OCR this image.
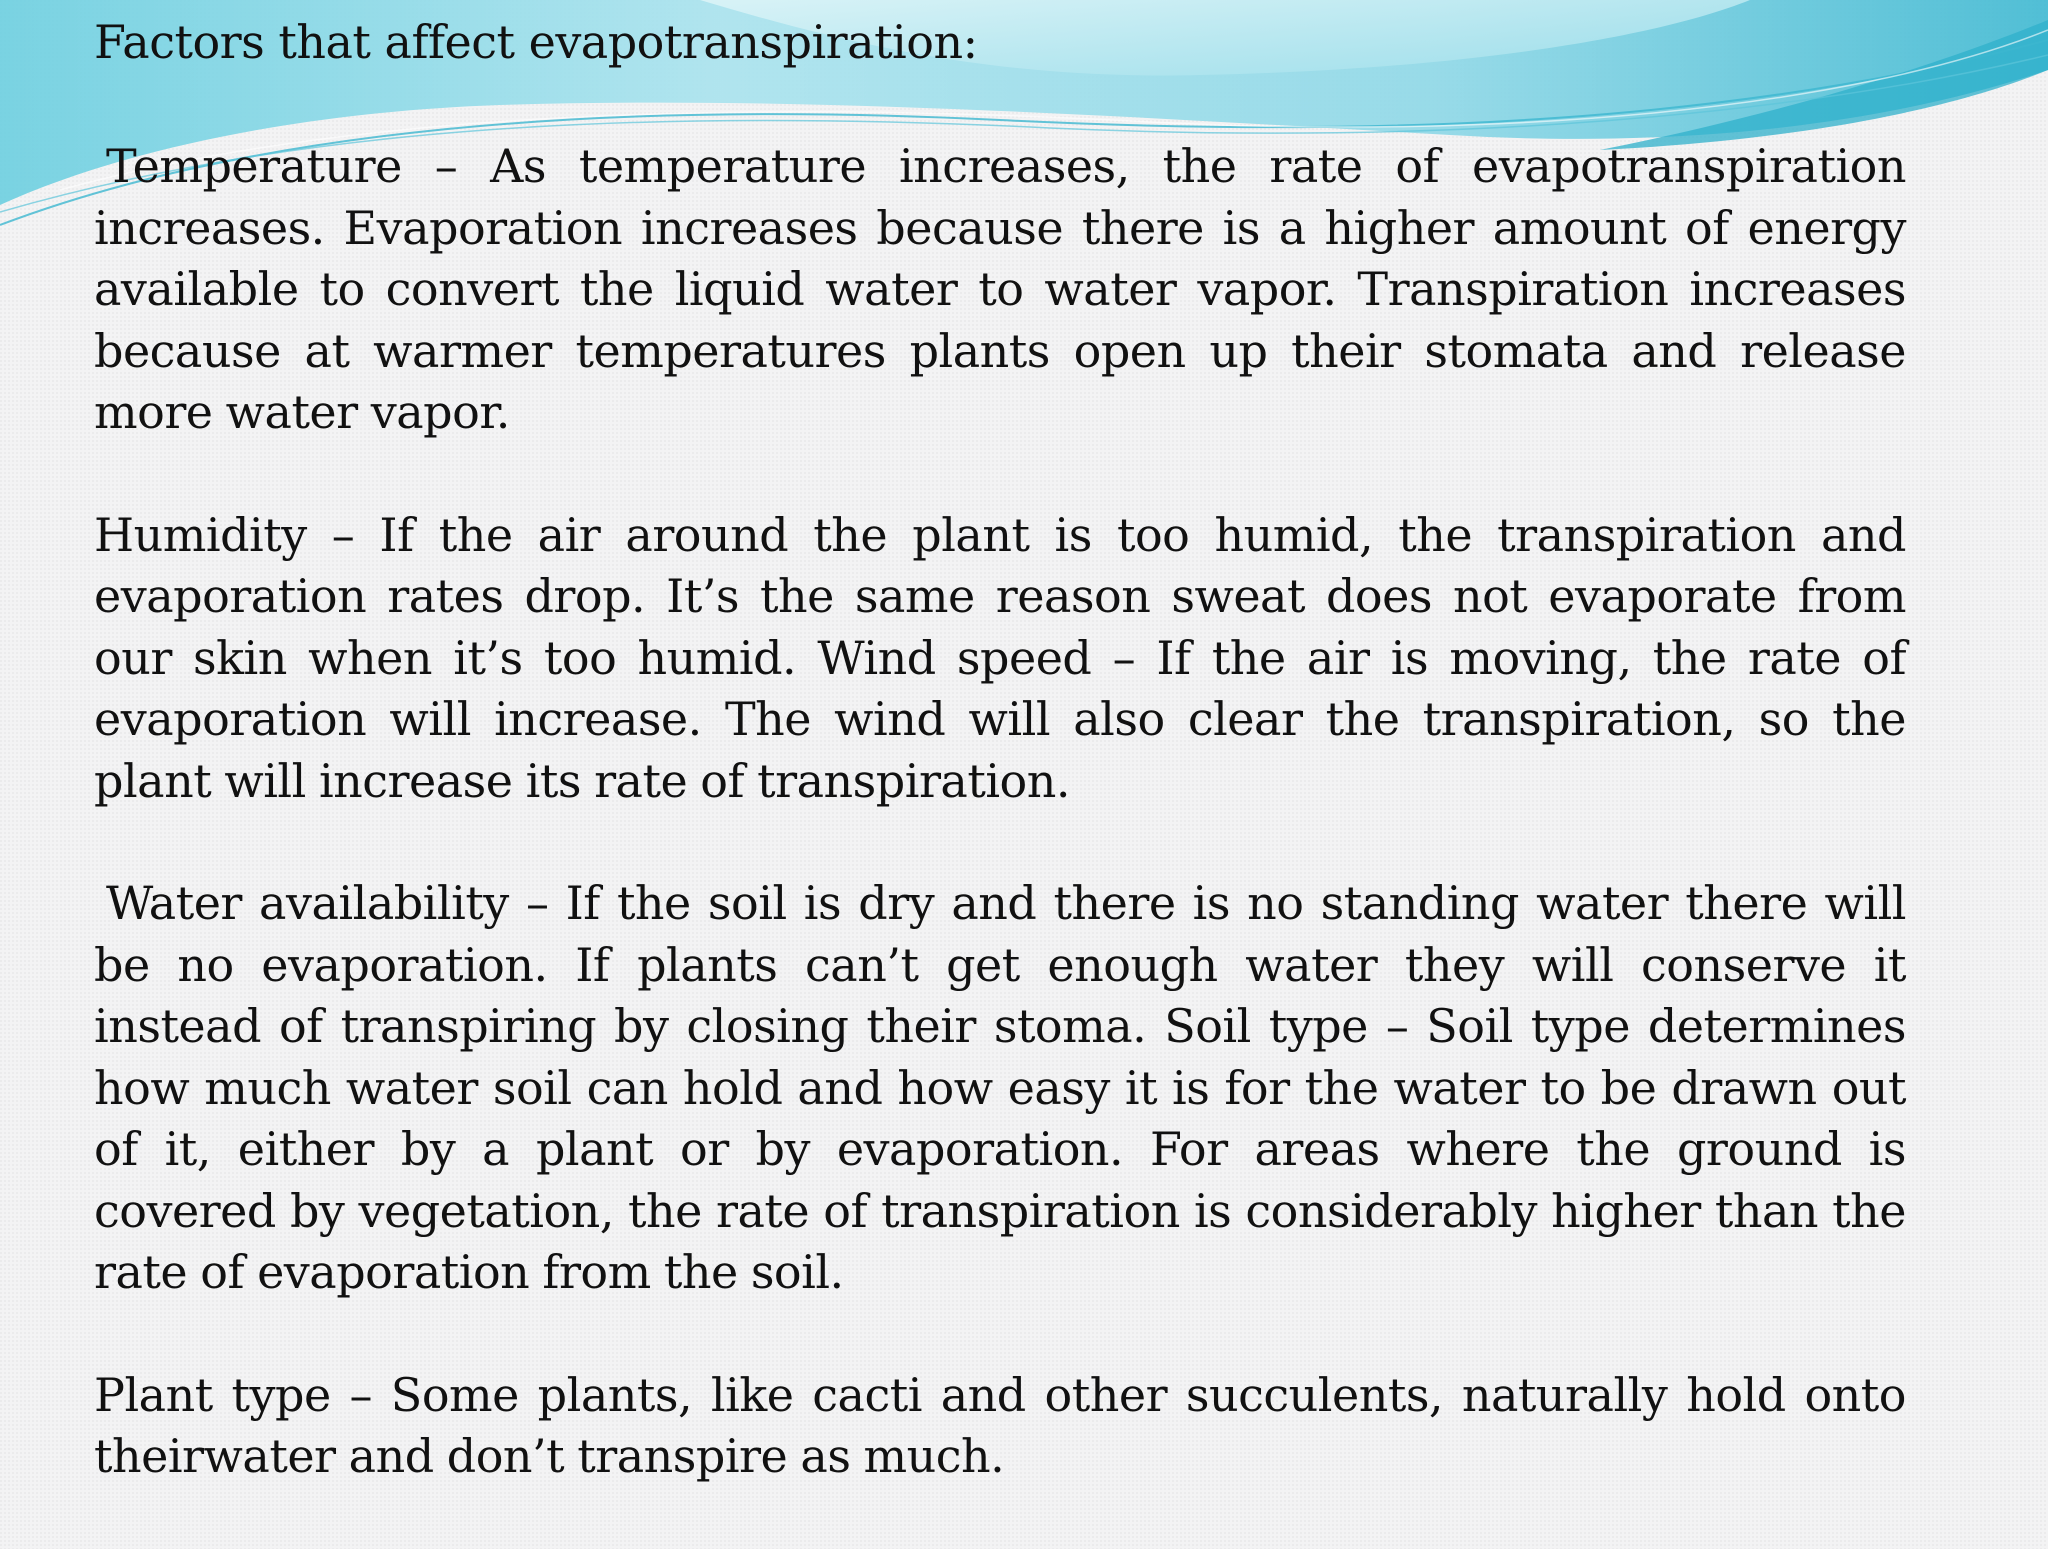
Factors that affect evapotranspiration:

Temperature – As temperature increases, the rate of evapotranspiration increases. Evaporation increases because there is a higher amount of energy available to convert the liquid water to water vapor. Transpiration increases because at warmer temperatures plants open up their stomata and release more water vapor.

Humidity – If the air around the plant is too humid, the transpiration and evaporation rates drop. It’s the same reason sweat does not evaporate from our skin when it’s too humid. Wind speed – If the air is moving, the rate of evaporation will increase. The wind will also clear the transpiration, so the plant will increase its rate of transpiration.

Water availability – If the soil is dry and there is no standing water there will be no evaporation. If plants can’t get enough water they will conserve it instead of transpiring by closing their stoma. Soil type – Soil type determines how much water soil can hold and how easy it is for the water to be drawn out of it, either by a plant or by evaporation. For areas where the ground is covered by vegetation, the rate of transpiration is considerably higher than the rate of evaporation from the soil.

Plant type – Some plants, like cacti and other succulents, naturally hold onto theirwater and don’t transpire as much.
